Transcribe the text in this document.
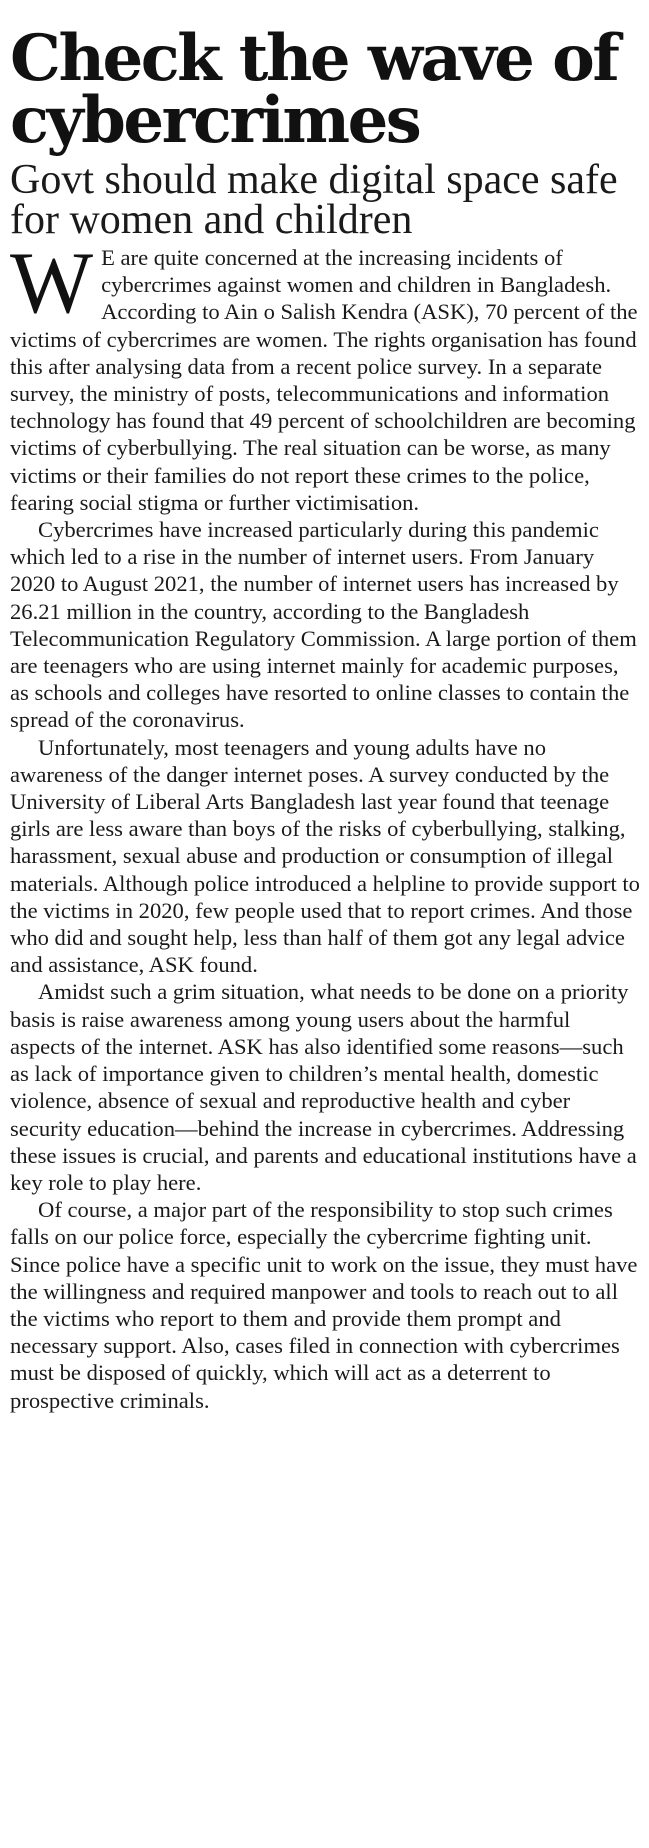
Check the wave of cybercrimes
Govt should make digital space safe for women and children

W E are quite concerned at the increasing incidents of cybercrimes against women and children in Bangladesh. According to Ain o Salish Kendra (ASK), 70 percent of the victims of cybercrimes are women. The rights organisation has found this after analysing data from a recent police survey. In a separate survey, the ministry of posts, telecommunications and information technology has found that 49 percent of schoolchildren are becoming victims of cyberbullying. The real situation can be worse, as many victims or their families do not report these crimes to the police, fearing social stigma or further victimisation.

Cybercrimes have increased particularly during this pandemic which led to a rise in the number of internet users. From January 2020 to August 2021, the number of internet users has increased by 26.21 million in the country, according to the Bangladesh Telecommunication Regulatory Commission. A large portion of them are teenagers who are using internet mainly for academic purposes, as schools and colleges have resorted to online classes to contain the spread of the coronavirus.

Unfortunately, most teenagers and young adults have no awareness of the danger internet poses. A survey conducted by the University of Liberal Arts Bangladesh last year found that teenage girls are less aware than boys of the risks of cyberbullying, stalking, harassment, sexual abuse and production or consumption of illegal materials. Although police introduced a helpline to provide support to the victims in 2020, few people used that to report crimes. And those who did and sought help, less than half of them got any legal advice and assistance, ASK found.

Amidst such a grim situation, what needs to be done on a priority basis is raise awareness among young users about the harmful aspects of the internet. ASK has also identified some reasons—such as lack of importance given to children’s mental health, domestic violence, absence of sexual and reproductive health and cyber security education—behind the increase in cybercrimes. Addressing these issues is crucial, and parents and educational institutions have a key role to play here.

Of course, a major part of the responsibility to stop such crimes falls on our police force, especially the cybercrime fighting unit. Since police have a specific unit to work on the issue, they must have the willingness and required manpower and tools to reach out to all the victims who report to them and provide them prompt and necessary support. Also, cases filed in connection with cybercrimes must be disposed of quickly, which will act as a deterrent to prospective criminals.
